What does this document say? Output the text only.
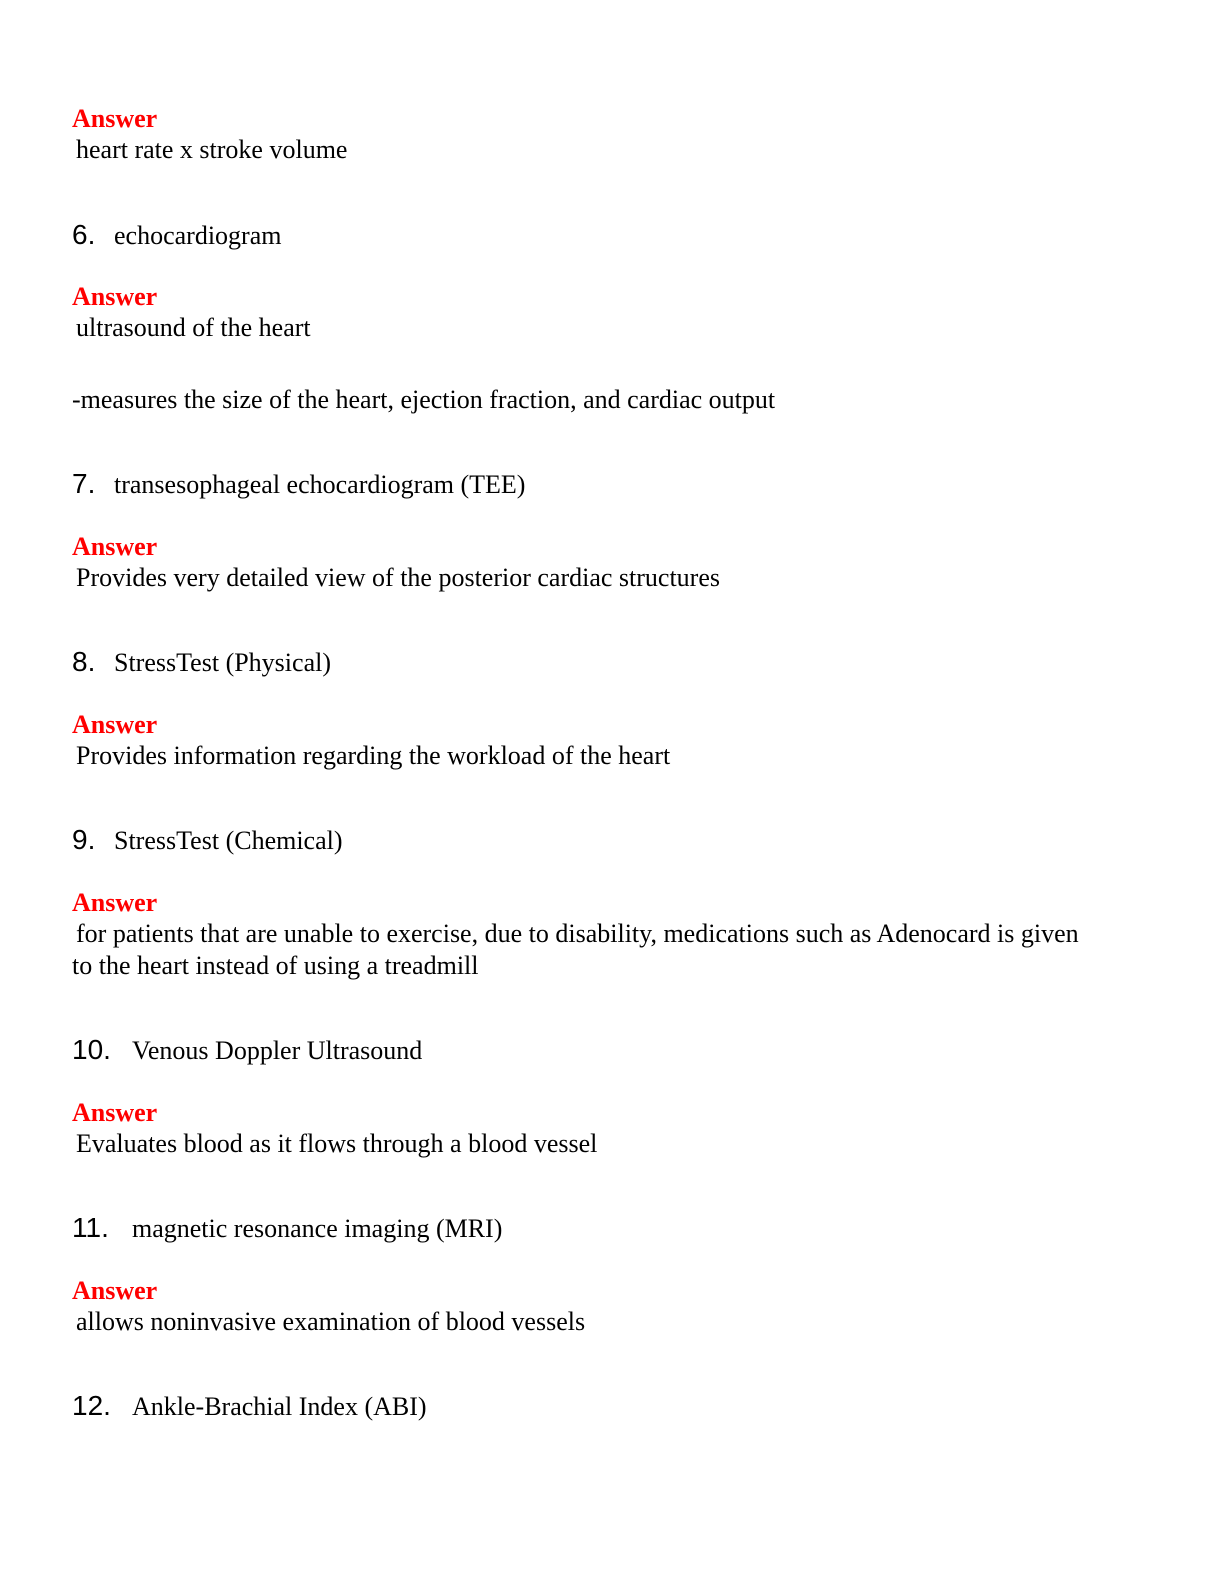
Answer
heart rate x stroke volume
6. echocardiogram
Answer
ultrasound of the heart
-measures the size of the heart, ejection fraction, and cardiac output
7. transesophageal echocardiogram (TEE)
Answer
Provides very detailed view of the posterior cardiac structures
8. StressTest (Physical)
Answer
Provides information regarding the workload of the heart
9. StressTest (Chemical)
Answer
for patients that are unable to exercise, due to disability, medications such as Adenocard is given
to the heart instead of using a treadmill
10. Venous Doppler Ultrasound
Answer
Evaluates blood as it flows through a blood vessel
11. magnetic resonance imaging (MRI)
Answer
allows noninvasive examination of blood vessels
12. Ankle-Brachial Index (ABI)
